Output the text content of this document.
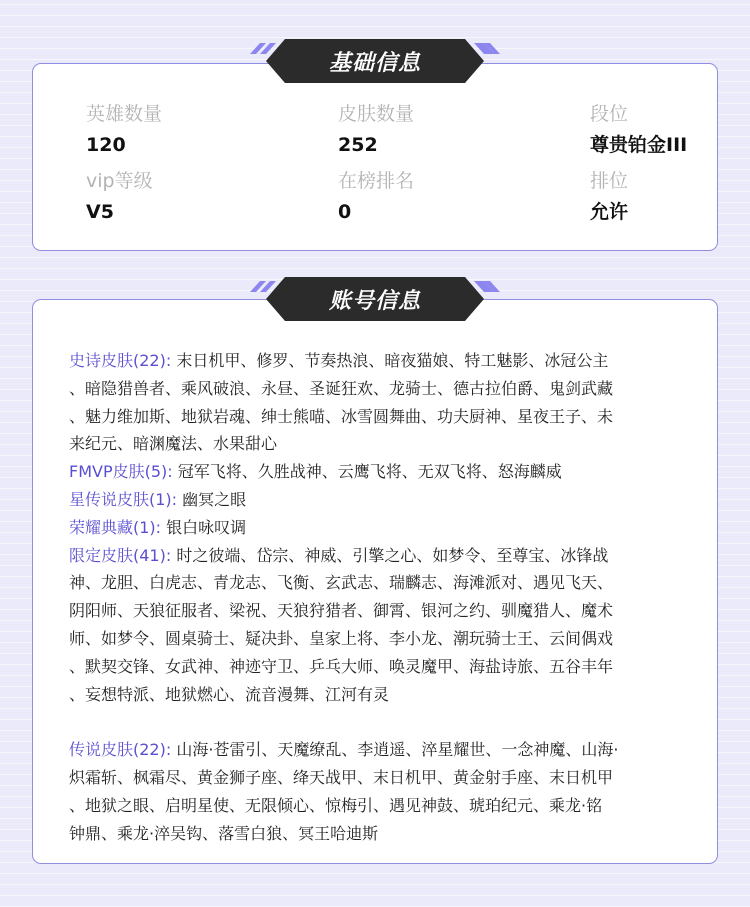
英雄数量
120
皮肤数量
252
段位
尊贵铂金III
vip等级
V5
在榜排名
0
排位
允许
史诗皮肤(22): 末日机甲、修罗、节奏热浪、暗夜猫娘、特工魅影、冰冠公主
、暗隐猎兽者、乘风破浪、永昼、圣诞狂欢、龙骑士、德古拉伯爵、鬼剑武藏
、魅力维加斯、地狱岩魂、绅士熊喵、冰雪圆舞曲、功夫厨神、星夜王子、未
来纪元、暗渊魔法、水果甜心
FMVP皮肤(5): 冠军飞将、久胜战神、云鹰飞将、无双飞将、怒海麟威
星传说皮肤(1): 幽冥之眼
荣耀典藏(1): 银白咏叹调
限定皮肤(41): 时之彼端、岱宗、神威、引擎之心、如梦令、至尊宝、冰锋战
神、龙胆、白虎志、青龙志、飞衡、玄武志、瑞麟志、海滩派对、遇见飞天、
阴阳师、天狼征服者、梁祝、天狼狩猎者、御霄、银河之约、驯魔猎人、魔术
师、如梦令、圆桌骑士、疑决卦、皇家上将、李小龙、潮玩骑士王、云间偶戏
、默契交锋、女武神、神迹守卫、乒乓大师、唤灵魔甲、海盐诗旅、五谷丰年
、妄想特派、地狱燃心、流音漫舞、江河有灵
传说皮肤(22): 山海·苍雷引、天魔缭乱、李逍遥、淬星耀世、一念神魔、山海·
炽霜斩、枫霜尽、黄金狮子座、绛天战甲、末日机甲、黄金射手座、末日机甲
、地狱之眼、启明星使、无限倾心、惊梅引、遇见神鼓、琥珀纪元、乘龙·铭
钟鼎、乘龙·淬吴钩、落雪白狼、冥王哈迪斯
基础信息
账号信息
